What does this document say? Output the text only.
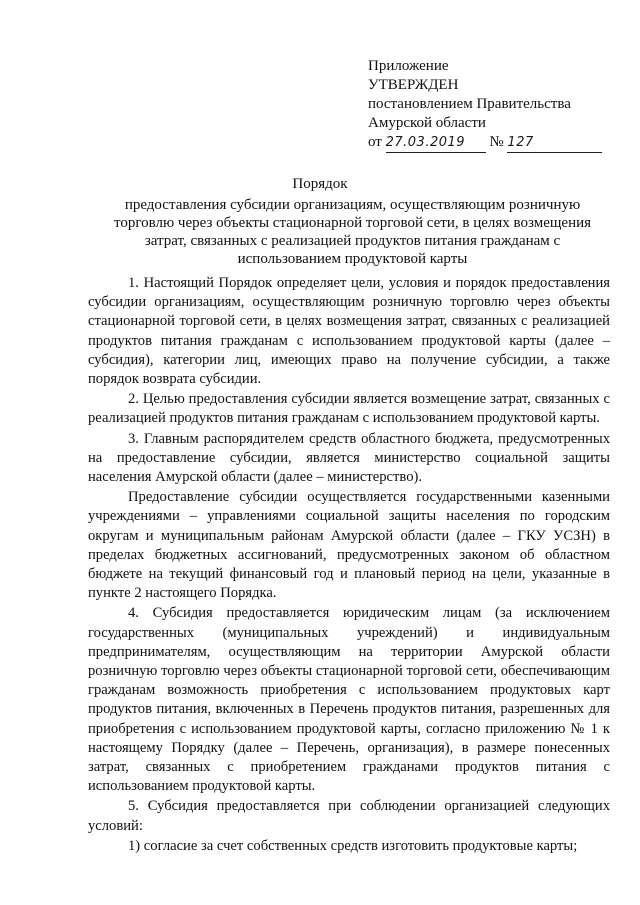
Приложение
УТВЕРЖДЕН
постановлением Правительства
Амурской области
от 27.03.2019 № 127
Порядок
предоставления субсидии организациям, осуществляющим розничную торговлю через объекты стационарной торговой сети, в целях возмещения затрат, связанных с реализацией продуктов питания гражданам с использованием продуктовой карты

1. Настоящий Порядок определяет цели, условия и порядок предоставления субсидии организациям, осуществляющим розничную торговлю через объекты стационарной торговой сети, в целях возмещения затрат, связанных с реализацией продуктов питания гражданам с использованием продуктовой карты (далее – субсидия), категории лиц, имеющих право на получение субсидии, а также порядок возврата субсидии.

2. Целью предоставления субсидии является возмещение затрат, связанных с реализацией продуктов питания гражданам с использованием продуктовой карты.

3. Главным распорядителем средств областного бюджета, предусмотренных на предоставление субсидии, является министерство социальной защиты населения Амурской области (далее – министерство).

Предоставление субсидии осуществляется государственными казенными учреждениями – управлениями социальной защиты населения по городским округам и муниципальным районам Амурской области (далее – ГКУ УСЗН) в пределах бюджетных ассигнований, предусмотренных законом об областном бюджете на текущий финансовый год и плановый период на цели, указанные в пункте 2 настоящего Порядка.

4. Субсидия предоставляется юридическим лицам (за исключением государственных (муниципальных учреждений) и индивидуальным предпринимателям, осуществляющим на территории Амурской области розничную торговлю через объекты стационарной торговой сети, обеспечивающим гражданам возможность приобретения с использованием продуктовых карт продуктов питания, включенных в Перечень продуктов питания, разрешенных для приобретения с использованием продуктовой карты, согласно приложению № 1 к настоящему Порядку (далее – Перечень, организация), в размере понесенных затрат, связанных с приобретением гражданами продуктов питания с использованием продуктовой карты.

5. Субсидия предоставляется при соблюдении организацией следующих условий:

1) согласие за счет собственных средств изготовить продуктовые карты;
